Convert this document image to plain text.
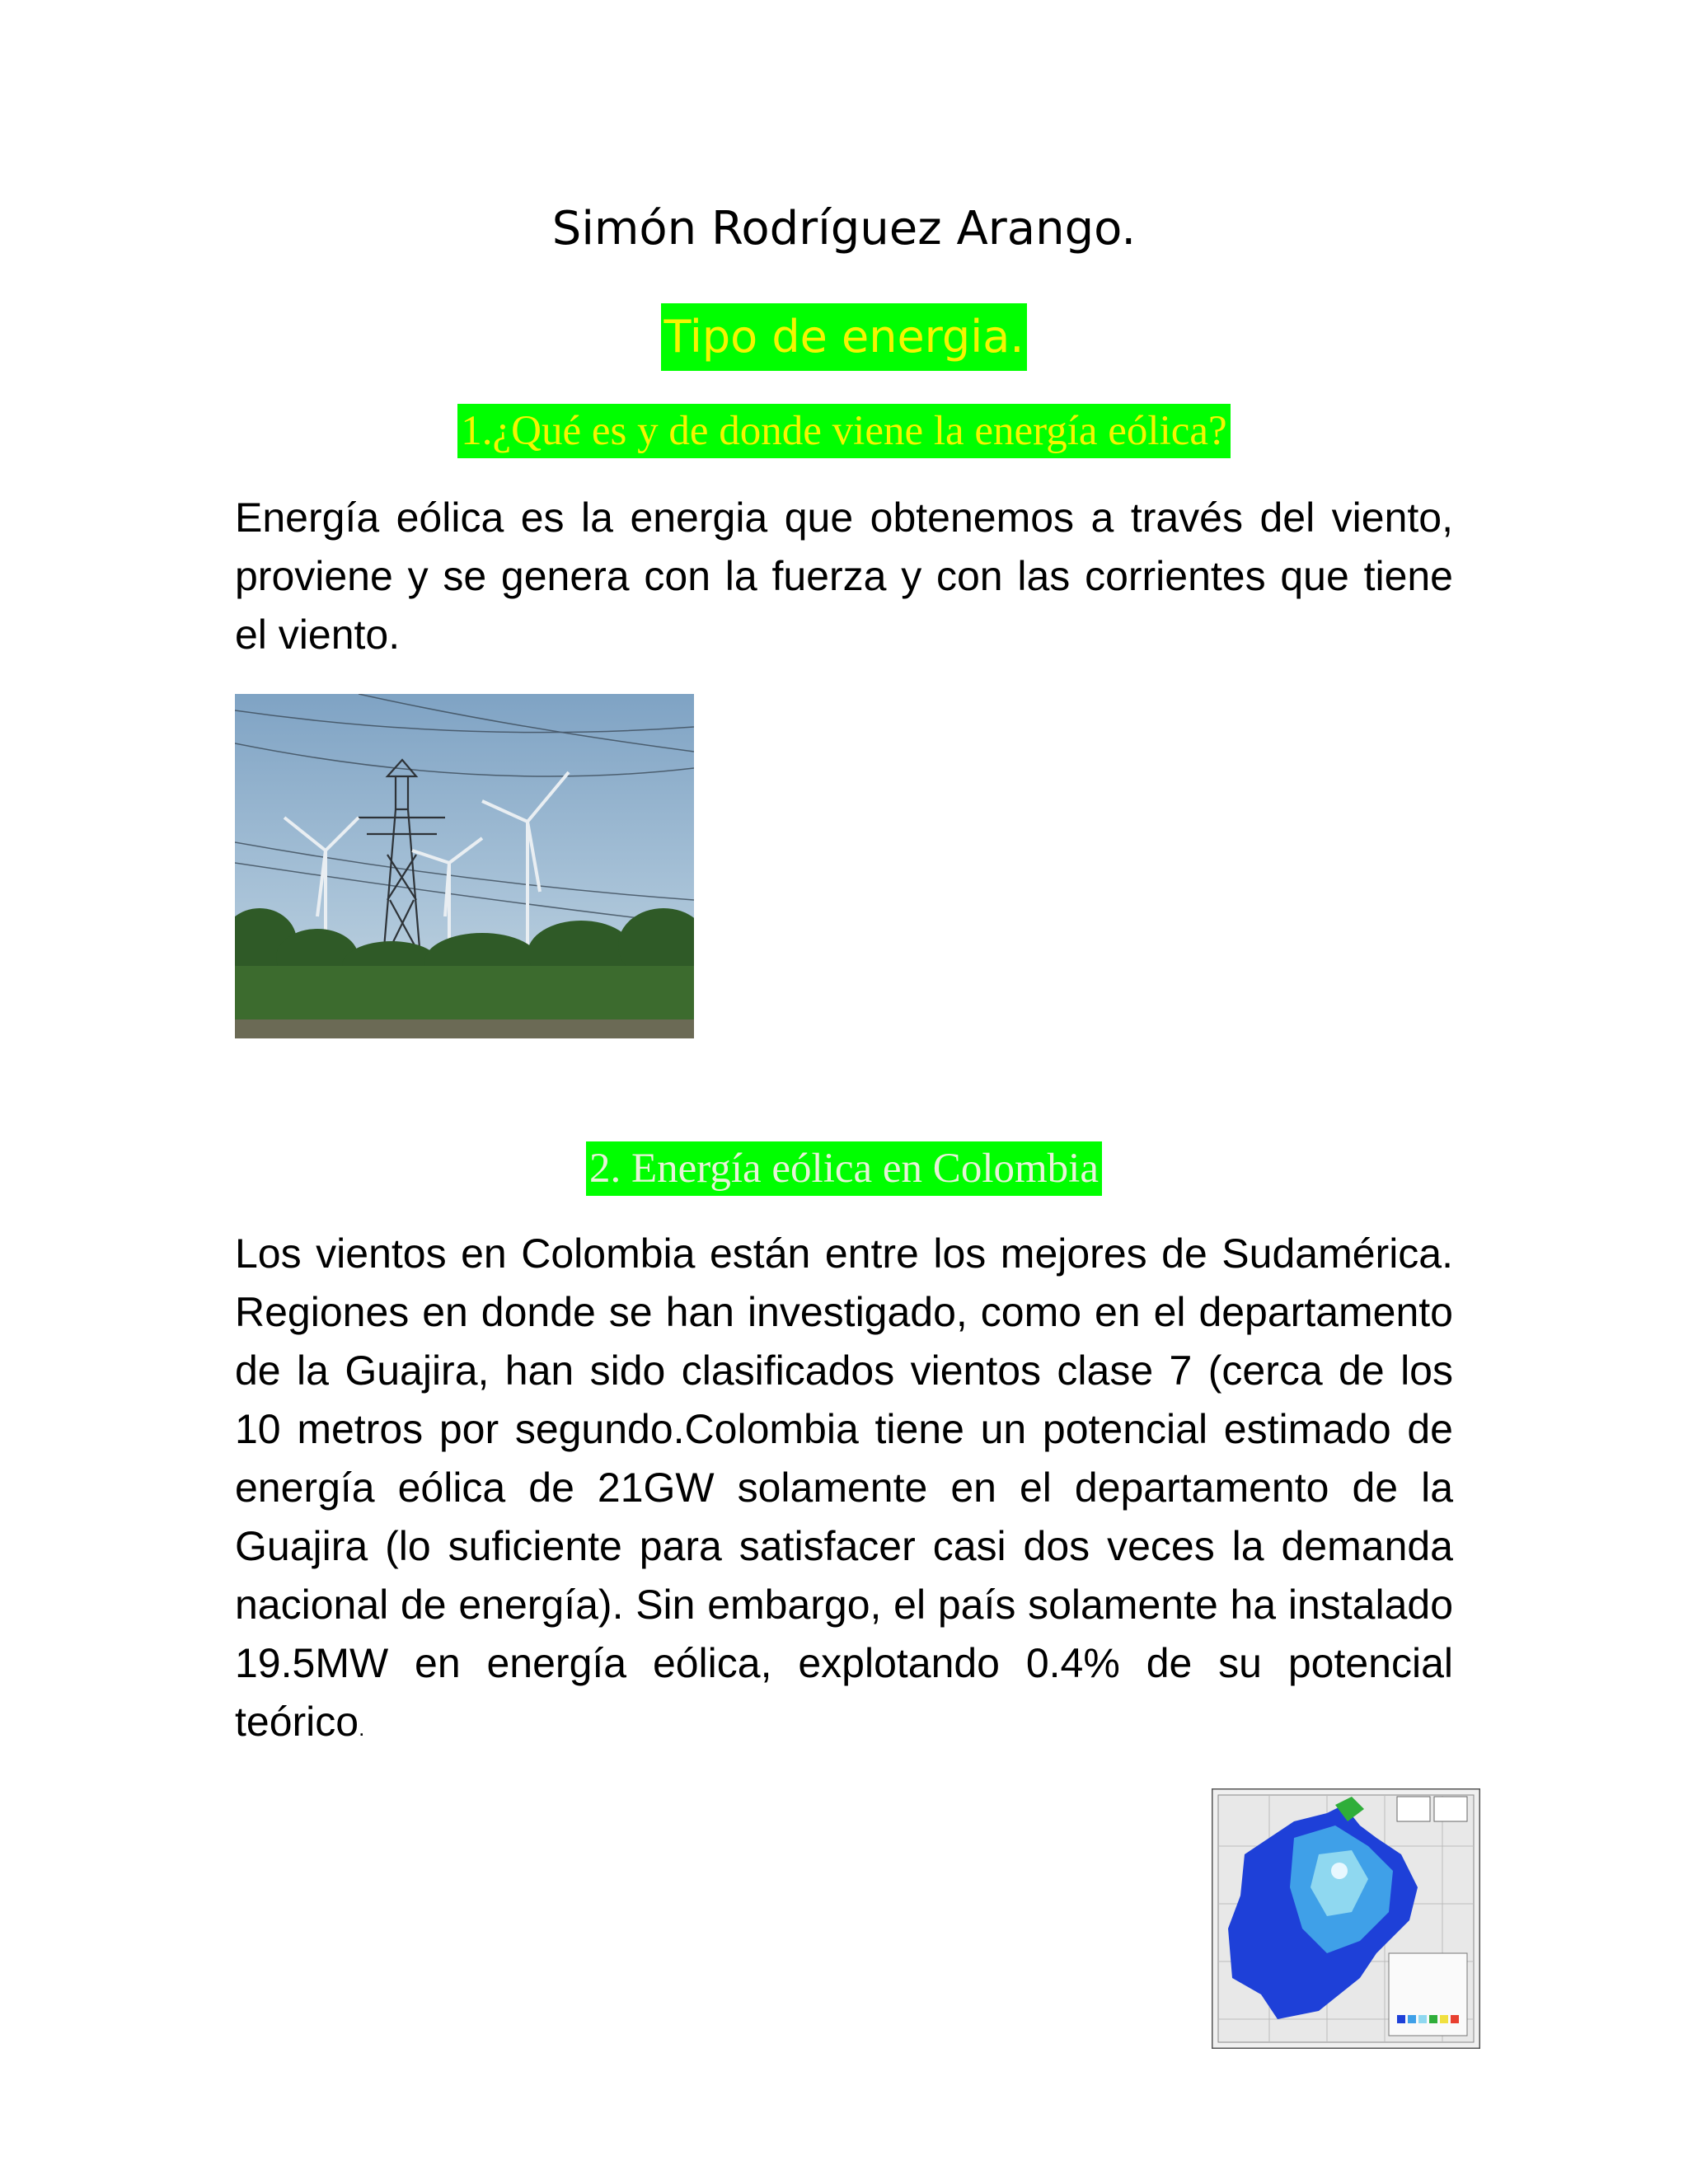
Simón Rodríguez Arango.
Tipo de energia.
1.¿Qué es y de donde viene la energía eólica?

Energía eólica es la energia que obtenemos a través del viento, proviene y se genera con la fuerza y con las corrientes que tiene el viento.

2. Energía eólica en Colombia

Los vientos en Colombia están entre los mejores de Sudamérica. Regiones en donde se han investigado, como en el departamento de la Guajira, han sido clasificados vientos clase 7 (cerca de los 10 metros por segundo.Colombia tiene un potencial estimado de energía eólica de 21GW solamente en el departamento de la Guajira (lo suficiente para satisfacer casi dos veces la demanda nacional de energía). Sin embargo, el país solamente ha instalado 19.5MW en energía eólica, explotando 0.4% de su potencial teórico.
